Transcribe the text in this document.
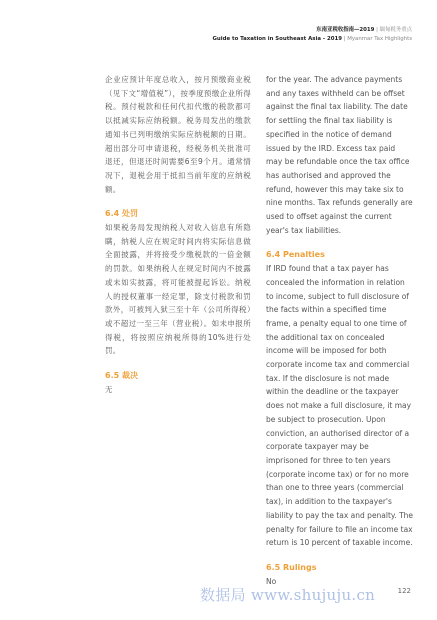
东南亚税收指南—2019 | 缅甸税务重点
Guide to Taxation in Southeast Asia - 2019 | Myanmar Tax Highlights

企业应预计年度总收入，按月预缴商业税（见下文“增值税”），按季度预缴企业所得税。预付税款和任何代扣代缴的税款都可以抵减实际应纳税额。税务局发出的缴款通知书已列明缴纳实际应纳税额的日期。超出部分可申请退税，经税务机关批准可退还，但退还时间需要6至9个月。通常情况下，退税会用于抵扣当前年度的应纳税额。

6.4 处罚

如果税务局发现纳税人对收入信息有所隐瞒，纳税人应在规定时间内将实际信息做全面披露，并将接受少缴税款的一倍金额的罚款。如果纳税人在规定时间内不披露或未如实披露，将可能被提起诉讼。纳税人的授权董事一经定罪，除支付税款和罚款外，可被判入狱三至十年（公司所得税）或不超过一至三年（营业税）。如未申报所得税，将按照应纳税所得的10%进行处罚。

6.5 裁决

无

for the year. The advance payments and any taxes withheld can be offset against the final tax liability. The date for settling the final tax liability is specified in the notice of demand issued by the IRD. Excess tax paid may be refundable once the tax office has authorised and approved the refund, however this may take six to nine months. Tax refunds generally are used to offset against the current year's tax liabilities.

6.4 Penalties

If IRD found that a tax payer has concealed the information in relation to income, subject to full disclosure of the facts within a specified time frame, a penalty equal to one time of the additional tax on concealed income will be imposed for both corporate income tax and commercial tax. If the disclosure is not made within the deadline or the taxpayer does not make a full disclosure, it may be subject to prosecution. Upon conviction, an authorised director of a corporate taxpayer may be imprisoned for three to ten years (corporate income tax) or for no more than one to three years (commercial tax), in addition to the taxpayer's liability to pay the tax and penalty. The penalty for failure to file an income tax return is 10 percent of taxable income.

6.5 Rulings

No

数据局 www.shujuju.cn	122
